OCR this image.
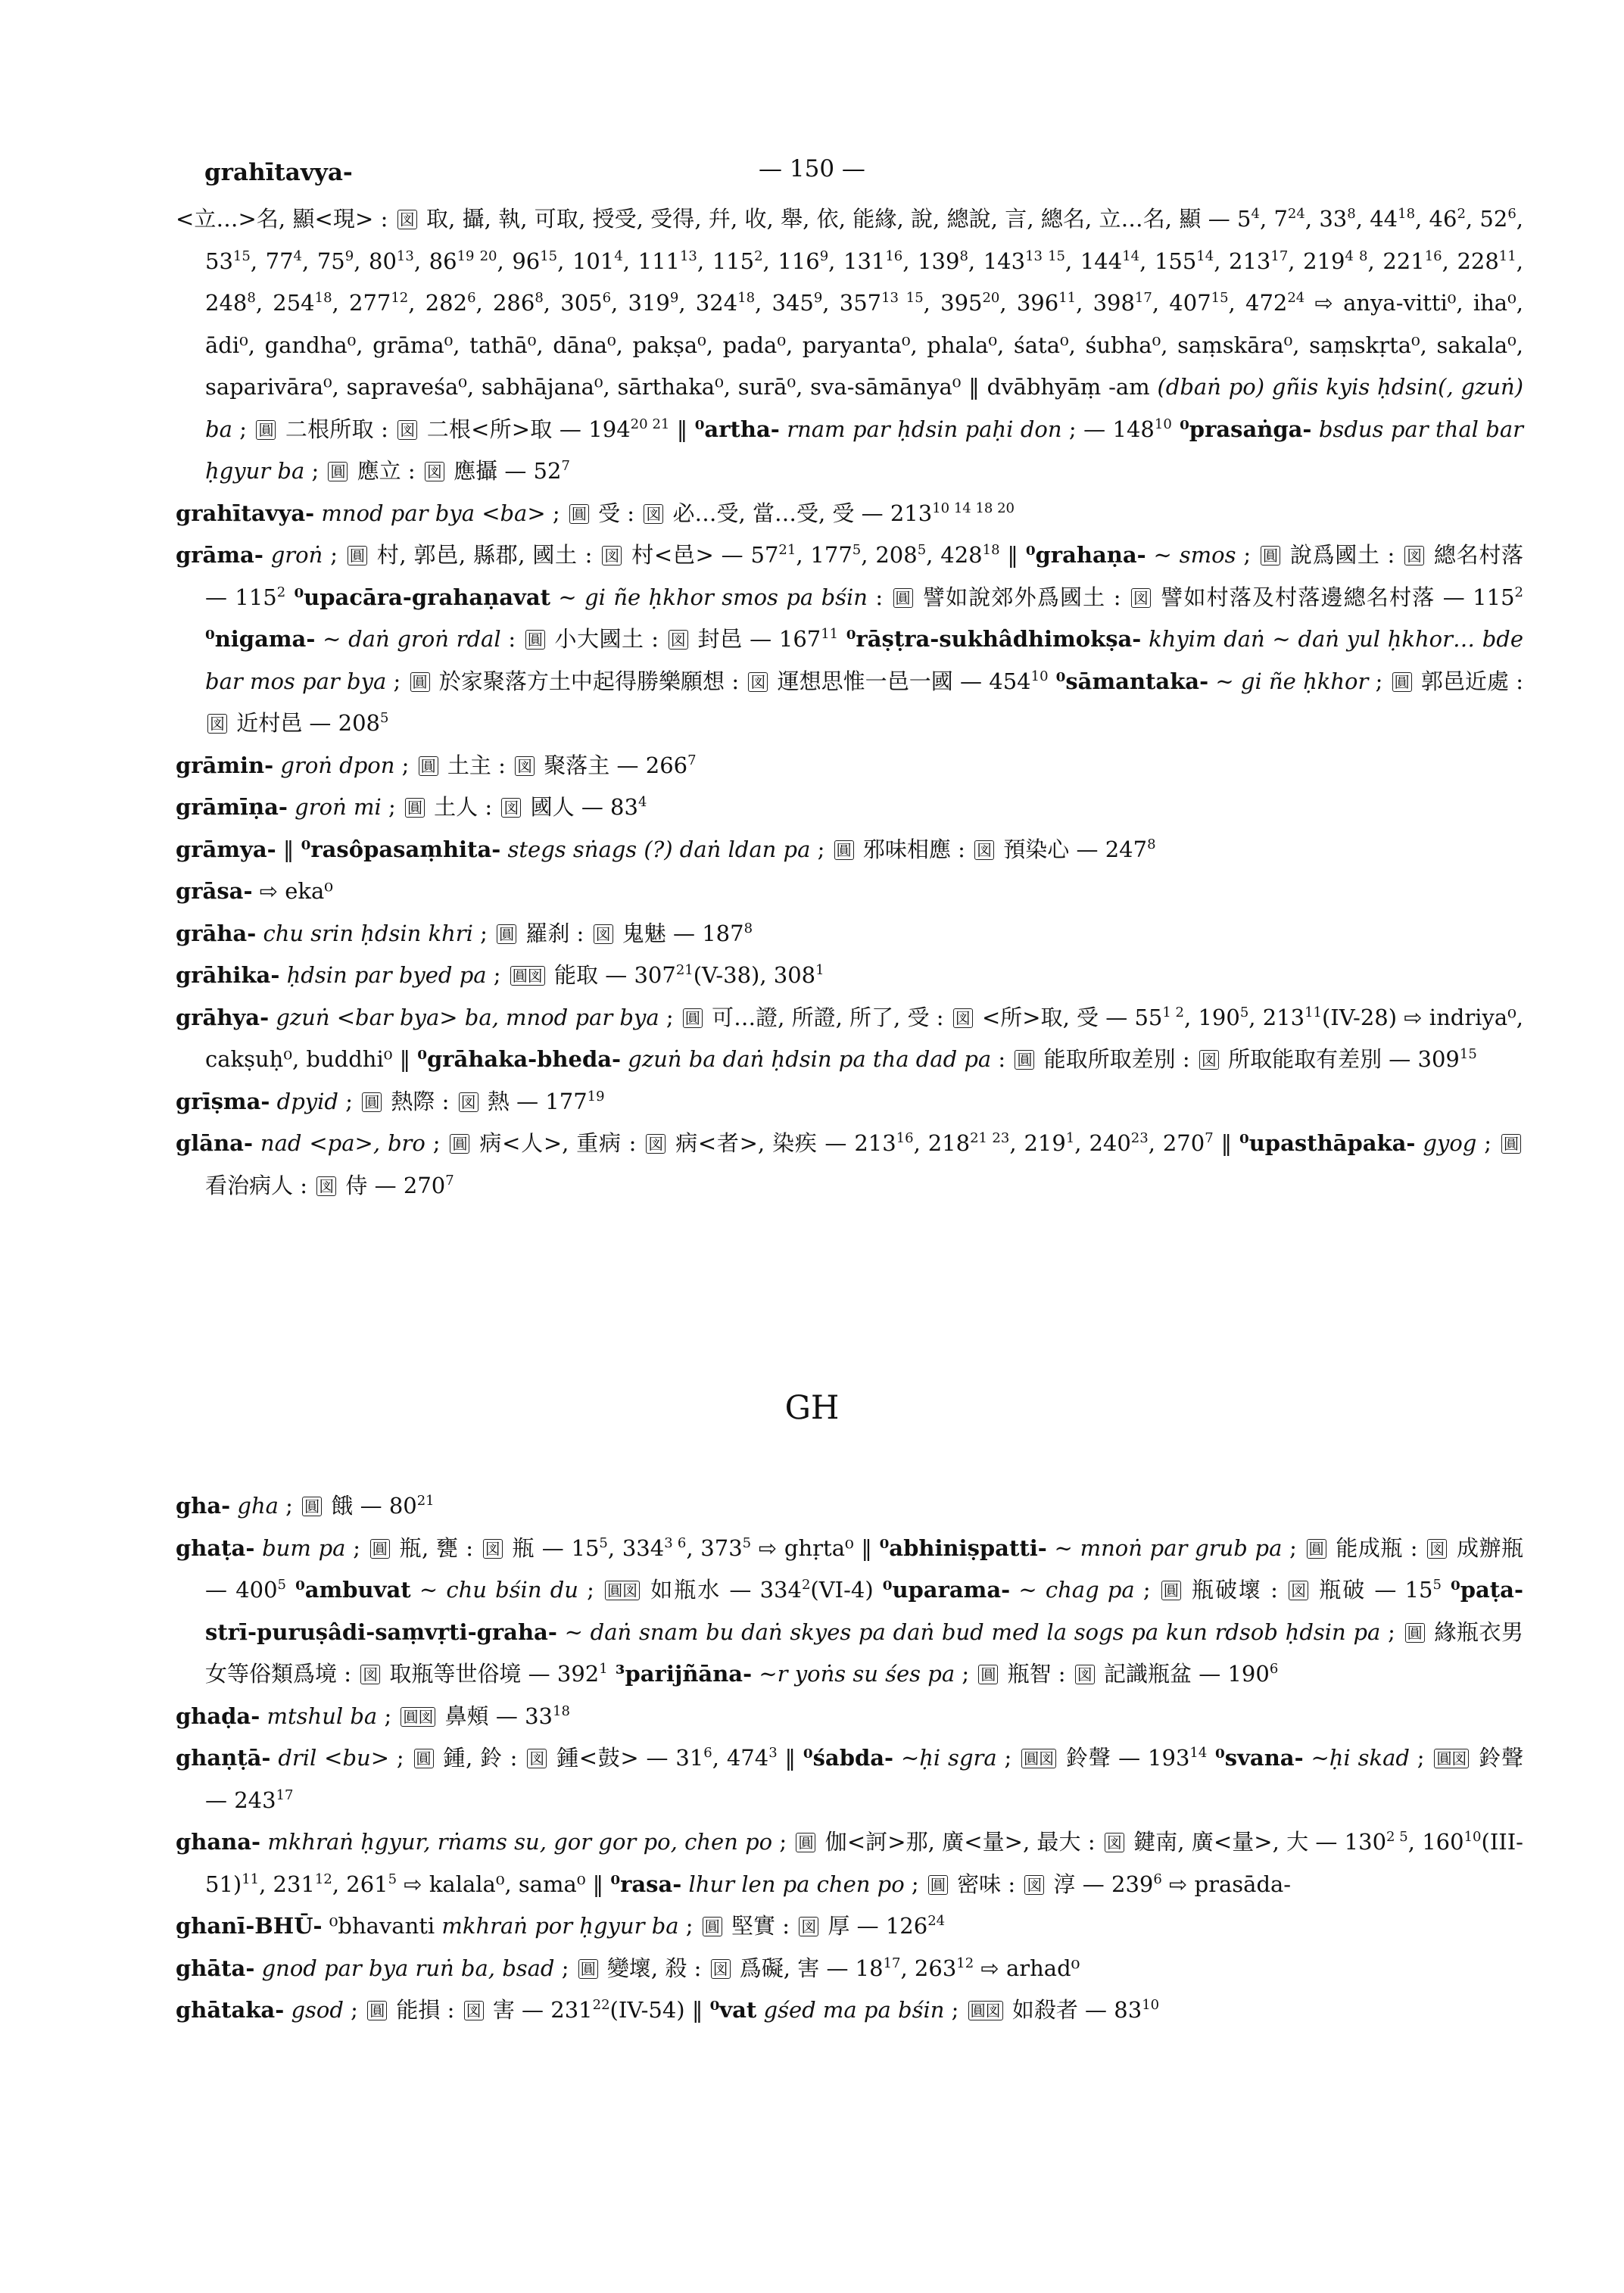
grahītavya-	— 150 —

<立…>名, 顯<現> : 図 取, 攝, 執, 可取, 授受, 受得, 幷, 收, 舉, 依, 能緣, 說, 總說, 言, 總名, 立…名, 顯 — $5^4$, $7^{24}$, $33^8$, $44^{18}$, $46^2$, $52^6$, $53^{15}$, $77^4$, $75^9$, $80^{13}$, $86^{19 20}$, $96^{15}$, $101^4$, $111^{13}$, $115^2$, $116^9$, $131^{16}$, $139^8$, $143^{13 15}$, $144^{14}$, $155^{14}$, $213^{17}$, $219^{4 8}$, $221^{16}$, $228^{11}$, $248^8$, $254^{18}$, $277^{12}$, $282^6$, $286^8$, $305^6$, $319^9$, $324^{18}$, $345^9$, $357^{13 15}$, $395^{20}$, $396^{11}$, $398^{17}$, $407^{15}$, $472^{24}$ ⇨ anya-vitti⁰, iha⁰, ādi⁰, gandha⁰, grāma⁰, tathā⁰, dāna⁰, pakṣa⁰, pada⁰, paryanta⁰, phala⁰, śata⁰, śubha⁰, saṃskāra⁰, saṃskṛta⁰, sakala⁰, saparivāra⁰, sapraveśa⁰, sabhājana⁰, sārthaka⁰, surā⁰, sva-sāmānya⁰ ‖ dvābhyāṃ -am (dbaṅ po) gñis kyis ḥdsin(, gzuṅ) ba ; 圓 二根所取 : 図 二根<所>取 — $194^{20 21}$ ‖ ⁰artha- rnam par ḥdsin paḥi don ; — $148^{10}$ ⁰prasaṅga- bsdus par thal bar ḥgyur ba ; 圓 應立 : 図 應攝 — $52^7$

grahītavya- mnod par bya <ba> ; 圓 受 : 図 必…受, 當…受, 受 — $213^{10 14 18 20}$

grāma- groṅ ; 圓 村, 郭邑, 縣郡, 國土 : 図 村<邑> — $57^{21}$, $177^5$, $208^5$, $428^{18}$ ‖ ⁰grahaṇa- ∼ smos ; 圓 說爲國土 : 図 總名村落 — $115^2$ ⁰upacāra-grahaṇavat ∼ gi ñe ḥkhor smos pa bśin : 圓 譬如說郊外爲國土 : 図 譬如村落及村落邊總名村落 — $115^2$ ⁰nigama- ∼ daṅ groṅ rdal : 圓 小大國土 : 図 封邑 — $167^{11}$ ⁰rāṣṭra-sukhâdhimokṣa- khyim daṅ ∼ daṅ yul ḥkhor… bde bar mos par bya ; 圓 於家聚落方土中起得勝樂願想 : 図 運想思惟一邑一國 — $454^{10}$ ⁰sāmantaka- ∼ gi ñe ḥkhor ; 圓 郭邑近處 : 図 近村邑 — $208^5$

grāmin- groṅ dpon ; 圓 土主 : 図 聚落主 — $266^7$

grāmīṇa- groṅ mi ; 圓 土人 : 図 國人 — $83^4$

grāmya- ‖ ⁰rasôpasaṃhita- stegs sṅags (?) daṅ ldan pa ; 圓 邪味相應 : 図 預染心 — $247^8$

grāsa- ⇨ eka⁰

grāha- chu srin ḥdsin khri ; 圓 羅刹 : 図 鬼魅 — $187^8$

grāhika- ḥdsin par byed pa ; 圓図 能取 — $307^{21}(V-38)$, $308^1$

grāhya- gzuṅ <bar bya> ba, mnod par bya ; 圓 可…證, 所證, 所了, 受 : 図 <所>取, 受 — $55^{1 2}$, $190^5$, $213^{11}(IV-28)$ ⇨ indriya⁰, cakṣuḥ⁰, buddhi⁰ ‖ ⁰grāhaka-bheda- gzuṅ ba daṅ ḥdsin pa tha dad pa : 圓 能取所取差別 : 図 所取能取有差別 — $309^{15}$

grīṣma- dpyid ; 圓 熱際 : 図 熱 — $177^{19}$

glāna- nad <pa>, bro ; 圓 病<人>, 重病 : 図 病<者>, 染疾 — $213^{16}$, $218^{21 23}$, $219^1$, $240^{23}$, $270^7$ ‖ ⁰upasthāpaka- gyog ; 圓 看治病人 : 図 侍 — $270^7$

GH

gha- gha ; 圓 餓 — $80^{21}$

ghaṭa- bum pa ; 圓 瓶, 甕 : 図 瓶 — $15^5$, $334^{3 6}$, $373^5$ ⇨ ghṛta⁰ ‖ ⁰abhiniṣpatti- ∼ mnoṅ par grub pa ; 圓 能成瓶 : 図 成辦瓶 — $400^5$ ⁰ambuvat ∼ chu bśin du ; 圓図 如瓶水 — $334^2(VI-4)$ ⁰uparama- ∼ chag pa ; 圓 瓶破壞 : 図 瓶破 — $15^5$ ⁰paṭa-strī-puruṣâdi-saṃvṛti-graha- ∼ daṅ snam bu daṅ skyes pa daṅ bud med la sogs pa kun rdsob ḥdsin pa ; 圓 緣瓶衣男女等俗類爲境 : 図 取瓶等世俗境 — $392^1$ ³parijñāna- ∼r yoṅs su śes pa ; 圓 瓶智 : 図 記識瓶盆 — $190^6$

ghaḍa- mtshul ba ; 圓図 鼻頰 — $33^{18}$

ghaṇṭā- dril <bu> ; 圓 鍾, 鈴 : 図 鍾<鼓> — $31^6$, $474^3$ ‖ ⁰śabda- ∼ḥi sgra ; 圓図 鈴聲 — $193^{14}$ ⁰svana- ∼ḥi skad ; 圓図 鈴聲 — $243^{17}$

ghana- mkhraṅ ḥgyur, rṅams su, gor gor po, chen po ; 圓 伽<訶>那, 廣<量>, 最大 : 図 鍵南, 廣<量>, 大 — $130^{2 5}$, $160^{10}(III-51)^{11}$, $231^{12}$, $261^5$ ⇨ kalala⁰, sama⁰ ‖ ⁰rasa- lhur len pa chen po ; 圓 密味 : 図 淳 — $239^6$ ⇨ prasāda-

ghanī-BHŪ- ⁰bhavanti mkhraṅ por ḥgyur ba ; 圓 堅實 : 図 厚 — $126^{24}$

ghāta- gnod par bya ruṅ ba, bsad ; 圓 變壞, 殺 : 図 爲礙, 害 — $18^{17}$, $263^{12}$ ⇨ arhad⁰

ghātaka- gsod ; 圓 能損 : 図 害 — $231^{22}(IV-54)$ ‖ ⁰vat gśed ma pa bśin ; 圓図 如殺者 — $83^{10}$
